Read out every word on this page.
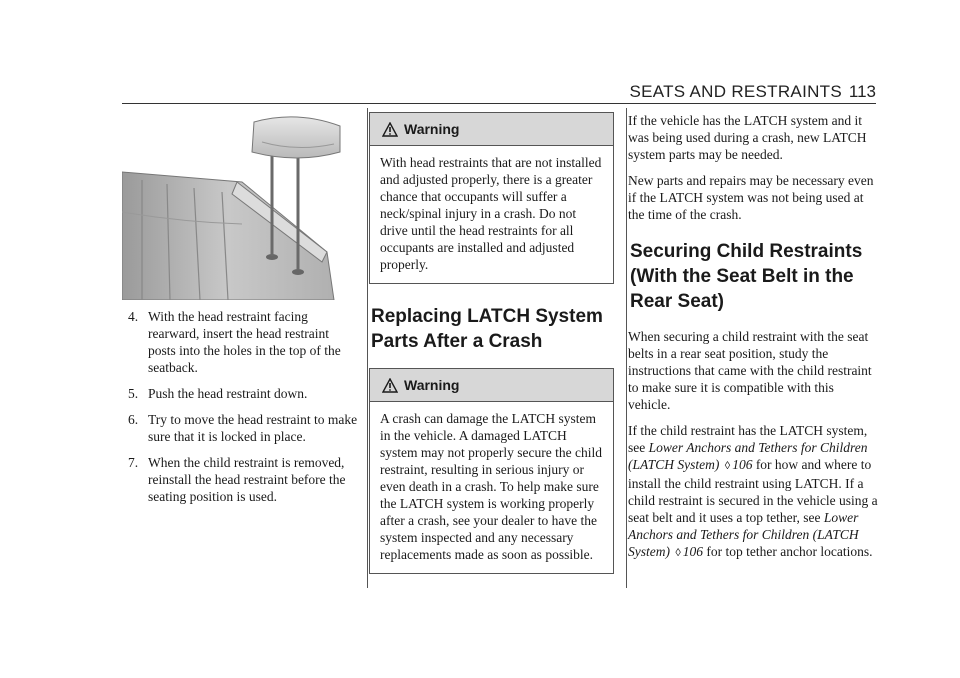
SEATS AND RESTRAINTS 113
4. With the head restraint facing rearward, insert the head restraint posts into the holes in the top of the seatback.
5. Push the head restraint down.
6. Try to move the head restraint to make sure that it is locked in place.
7. When the child restraint is removed, reinstall the head restraint before the seating position is used.
Warning
With head restraints that are not installed and adjusted properly, there is a greater chance that occupants will suffer a neck/spinal injury in a crash. Do not drive until the head restraints for all occupants are installed and adjusted properly.
Replacing LATCH System Parts After a Crash
Warning
A crash can damage the LATCH system in the vehicle. A damaged LATCH system may not properly secure the child restraint, resulting in serious injury or even death in a crash. To help make sure the LATCH system is working properly after a crash, see your dealer to have the system inspected and any necessary replacements made as soon as possible.

If the vehicle has the LATCH system and it was being used during a crash, new LATCH system parts may be needed.

New parts and repairs may be necessary even if the LATCH system was not being used at the time of the crash.

Securing Child Restraints (With the Seat Belt in the Rear Seat)

When securing a child restraint with the seat belts in a rear seat position, study the instructions that came with the child restraint to make sure it is compatible with this vehicle.

If the child restraint has the LATCH system, see Lower Anchors and Tethers for Children (LATCH System) ◊ 106 for how and where to install the child restraint using LATCH. If a child restraint is secured in the vehicle using a seat belt and it uses a top tether, see Lower Anchors and Tethers for Children (LATCH System) ◊ 106 for top tether anchor locations.
